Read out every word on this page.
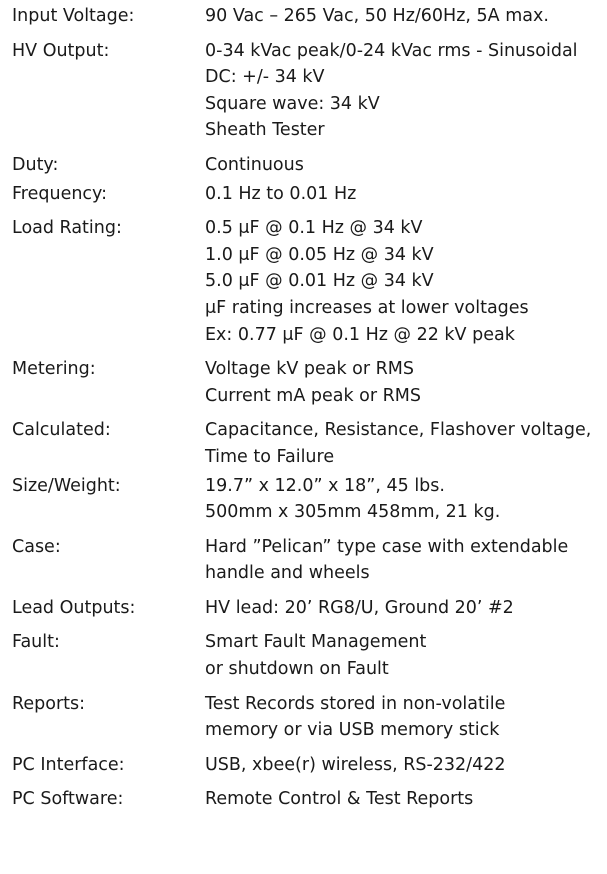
Input Voltage:	90 Vac – 265 Vac, 50 Hz/60Hz, 5A max.
HV Output:	0-34 kVac peak/0-24 kVac rms - Sinusoidal
DC: +/- 34 kV
Square wave: 34 kV
Sheath Tester
Duty:	Continuous
Frequency:	0.1 Hz to 0.01 Hz
Load Rating:	0.5 μF @ 0.1 Hz @ 34 kV
1.0 μF @ 0.05 Hz @ 34 kV
5.0 μF @ 0.01 Hz @ 34 kV
μF rating increases at lower voltages
Ex: 0.77 μF @ 0.1 Hz @ 22 kV peak
Metering:	Voltage kV peak or RMS
Current mA peak or RMS
Calculated:	Capacitance, Resistance, Flashover voltage,
Time to Failure
Size/Weight:	19.7” x 12.0” x 18”, 45 lbs.
500mm x 305mm 458mm, 21 kg.
Case:	Hard ”Pelican” type case with extendable
handle and wheels
Lead Outputs:	HV lead: 20’ RG8/U, Ground 20’ #2
Fault:	Smart Fault Management
or shutdown on Fault
Reports:	Test Records stored in non-volatile
memory or via USB memory stick
PC Interface:	USB, xbee(r) wireless, RS-232/422
PC Software:	Remote Control & Test Reports
